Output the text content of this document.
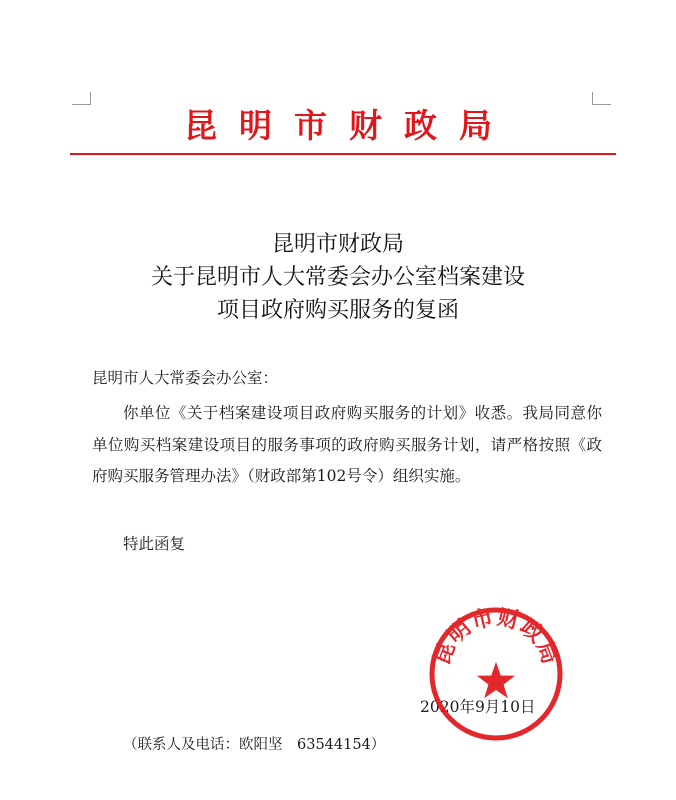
昆明市财政局
昆明市财政局
关于昆明市人大常委会办公室档案建设
项目政府购买服务的复函
昆明市人大常委会办公室：
你单位《关于档案建设项目政府购买服务的计划》收悉。我局同意你单位购买档案建设项目的服务事项的政府购买服务计划，请严格按照《政府购买服务管理办法》（财政部第102号令）组织实施。
特此函复
2020年9月10日
昆明市财政局
（联系人及电话：欧阳坚　63544154）
